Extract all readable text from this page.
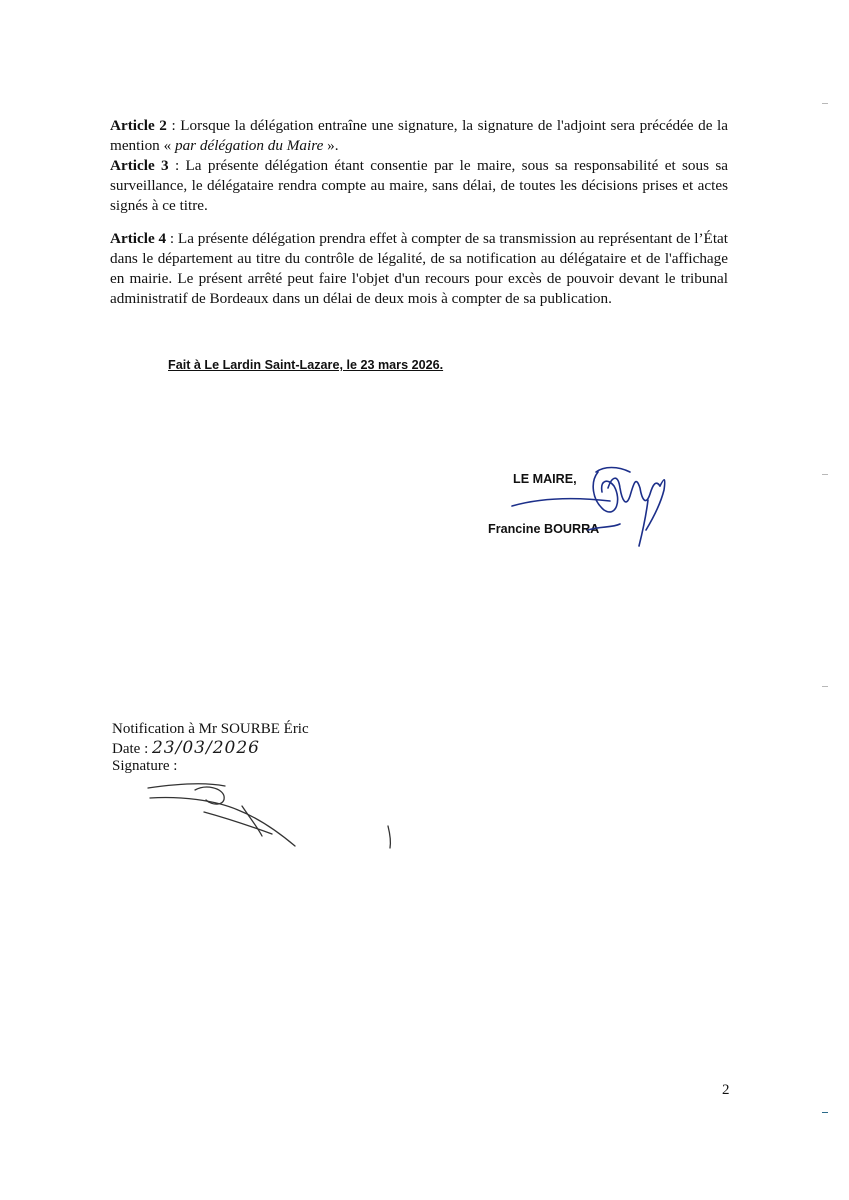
Article 2 : Lorsque la délégation entraîne une signature, la signature de l'adjoint sera précédée de la mention « par délégation du Maire ».
Article 3 : La présente délégation étant consentie par le maire, sous sa responsabilité et sous sa surveillance, le délégataire rendra compte au maire, sans délai, de toutes les décisions prises et actes signés à ce titre.
Article 4 : La présente délégation prendra effet à compter de sa transmission au représentant de l’État dans le département au titre du contrôle de légalité, de sa notification au délégataire et de l'affichage en mairie. Le présent arrêté peut faire l'objet d'un recours pour excès de pouvoir devant le tribunal administratif de Bordeaux dans un délai de deux mois à compter de sa publication.
Fait à Le Lardin Saint-Lazare, le 23 mars 2026.
LE MAIRE,
Francine BOURRA
Notification à Mr SOURBE Éric
Date : 23/03/2026
Signature :
2
